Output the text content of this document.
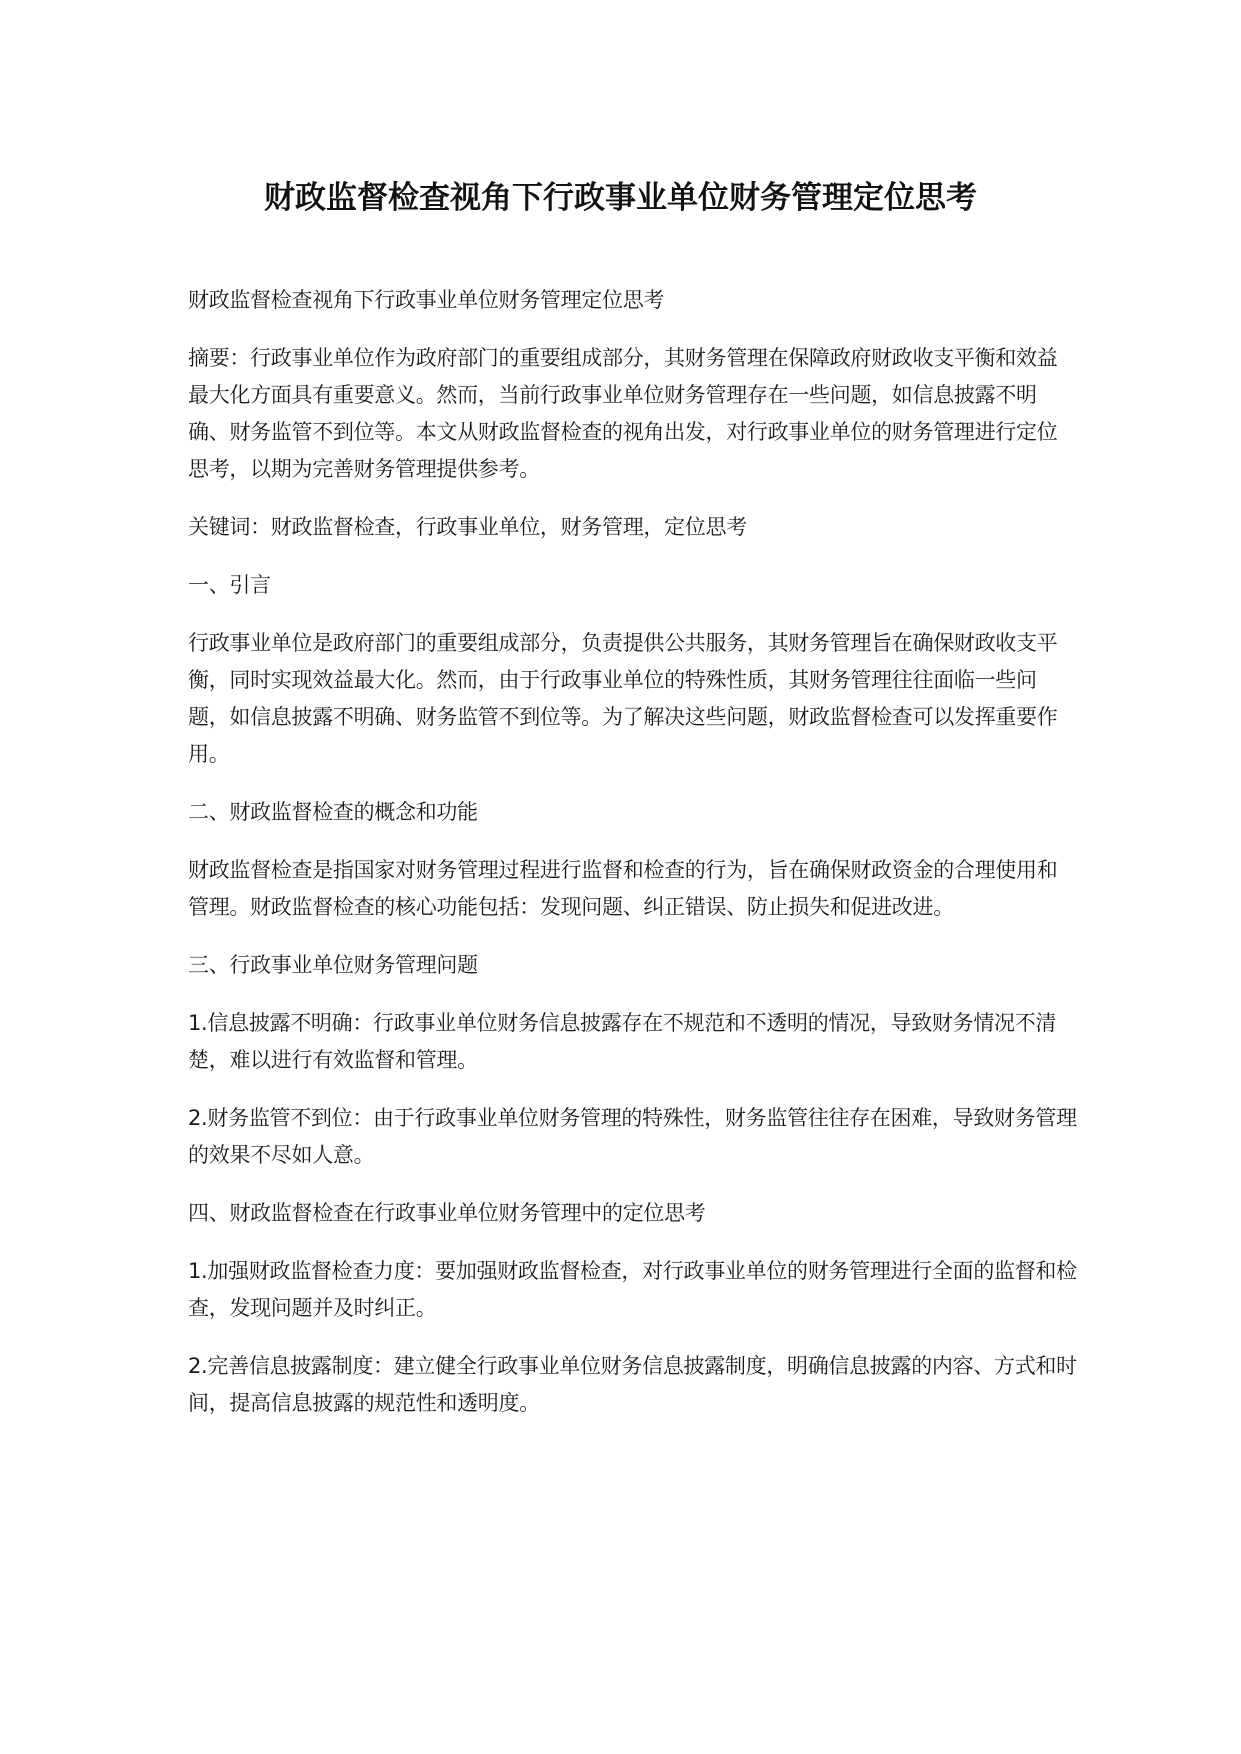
财政监督检查视角下行政事业单位财务管理定位思考

财政监督检查视角下行政事业单位财务管理定位思考

摘要：行政事业单位作为政府部门的重要组成部分，其财务管理在保障政府财政收支平衡和效益最大化方面具有重要意义。然而，当前行政事业单位财务管理存在一些问题，如信息披露不明确、财务监管不到位等。本文从财政监督检查的视角出发，对行政事业单位的财务管理进行定位思考，以期为完善财务管理提供参考。

关键词：财政监督检查，行政事业单位，财务管理，定位思考

一、引言

行政事业单位是政府部门的重要组成部分，负责提供公共服务，其财务管理旨在确保财政收支平衡，同时实现效益最大化。然而，由于行政事业单位的特殊性质，其财务管理往往面临一些问题，如信息披露不明确、财务监管不到位等。为了解决这些问题，财政监督检查可以发挥重要作用。

二、财政监督检查的概念和功能

财政监督检查是指国家对财务管理过程进行监督和检查的行为，旨在确保财政资金的合理使用和管理。财政监督检查的核心功能包括：发现问题、纠正错误、防止损失和促进改进。

三、行政事业单位财务管理问题

1.信息披露不明确：行政事业单位财务信息披露存在不规范和不透明的情况，导致财务情况不清楚，难以进行有效监督和管理。

2.财务监管不到位：由于行政事业单位财务管理的特殊性，财务监管往往存在困难，导致财务管理的效果不尽如人意。

四、财政监督检查在行政事业单位财务管理中的定位思考

1.加强财政监督检查力度：要加强财政监督检查，对行政事业单位的财务管理进行全面的监督和检查，发现问题并及时纠正。

2.完善信息披露制度：建立健全行政事业单位财务信息披露制度，明确信息披露的内容、方式和时间，提高信息披露的规范性和透明度。
